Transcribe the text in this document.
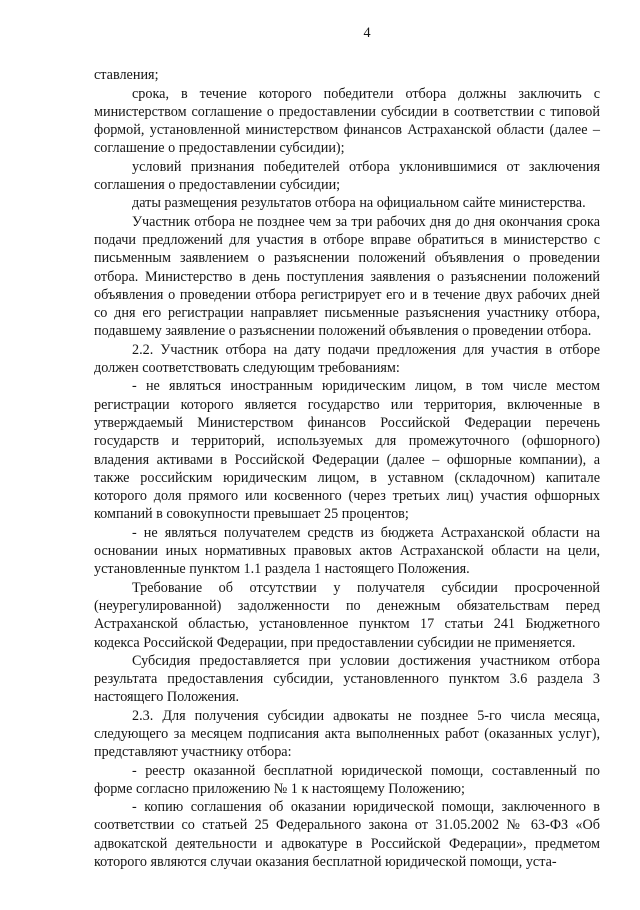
4

ставления;

срока, в течение которого победители отбора должны заключить с министерством соглашение о предоставлении субсидии в соответствии с типовой формой, установленной министерством финансов Астраханской области (далее – соглашение о предоставлении субсидии);

условий признания победителей отбора уклонившимися от заключения соглашения о предоставлении субсидии;

даты размещения результатов отбора на официальном сайте министерства.

Участник отбора не позднее чем за три рабочих дня до дня окончания срока подачи предложений для участия в отборе вправе обратиться в министерство с письменным заявлением о разъяснении положений объявления о проведении отбора. Министерство в день поступления заявления о разъяснении положений объявления о проведении отбора регистрирует его и в течение двух рабочих дней со дня его регистрации направляет письменные разъяснения участнику отбора, подавшему заявление о разъяснении положений объявления о проведении отбора.

2.2. Участник отбора на дату подачи предложения для участия в отборе должен соответствовать следующим требованиям:

- не являться иностранным юридическим лицом, в том числе местом регистрации которого является государство или территория, включенные в утверждаемый Министерством финансов Российской Федерации перечень государств и территорий, используемых для промежуточного (офшорного) владения активами в Российской Федерации (далее – офшорные компании), а также российским юридическим лицом, в уставном (складочном) капитале которого доля прямого или косвенного (через третьих лиц) участия офшорных компаний в совокупности превышает 25 процентов;

- не являться получателем средств из бюджета Астраханской области на основании иных нормативных правовых актов Астраханской области на цели, установленные пунктом 1.1 раздела 1 настоящего Положения.

Требование об отсутствии у получателя субсидии просроченной (неурегулированной) задолженности по денежным обязательствам перед Астраханской областью, установленное пунктом 17 статьи 241 Бюджетного кодекса Российской Федерации, при предоставлении субсидии не применяется.

Субсидия предоставляется при условии достижения участником отбора результата предоставления субсидии, установленного пунктом 3.6 раздела 3 настоящего Положения.

2.3. Для получения субсидии адвокаты не позднее 5-го числа месяца, следующего за месяцем подписания акта выполненных работ (оказанных услуг), представляют участнику отбора:

- реестр оказанной бесплатной юридической помощи, составленный по форме согласно приложению № 1 к настоящему Положению;

- копию соглашения об оказании юридической помощи, заключенного в соответствии со статьей 25 Федерального закона от 31.05.2002 № 63-ФЗ «Об адвокатской деятельности и адвокатуре в Российской Федерации», предметом которого являются случаи оказания бесплатной юридической помощи, уста-
